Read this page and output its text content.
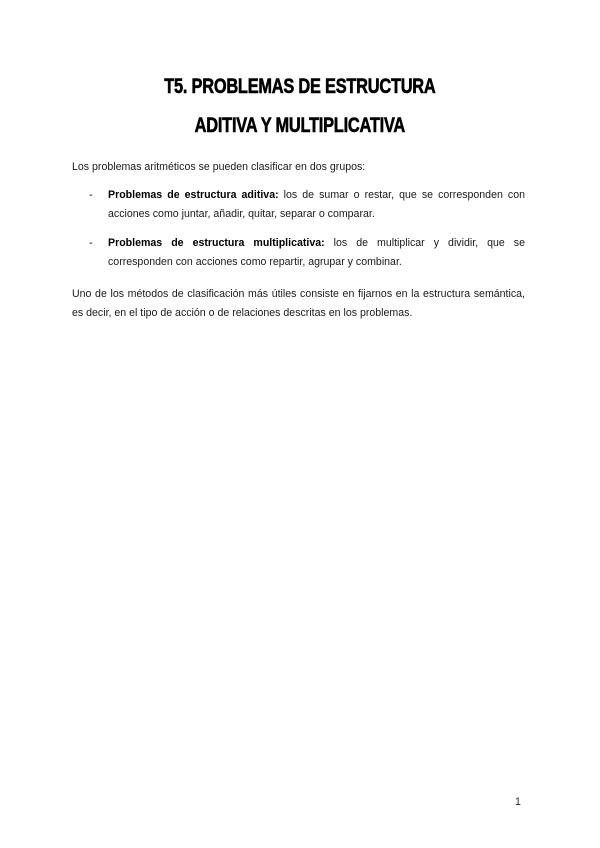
T5. PROBLEMAS DE ESTRUCTURA
ADITIVA Y MULTIPLICATIVA

Los problemas aritméticos se pueden clasificar en dos grupos:

- Problemas de estructura aditiva: los de sumar o restar, que se corresponden con acciones como juntar, añadir, quitar, separar o comparar.
- Problemas de estructura multiplicativa: los de multiplicar y dividir, que se corresponden con acciones como repartir, agrupar y combinar.

Uno de los métodos de clasificación más útiles consiste en fijarnos en la estructura semántica, es decir, en el tipo de acción o de relaciones descritas en los problemas.

1
